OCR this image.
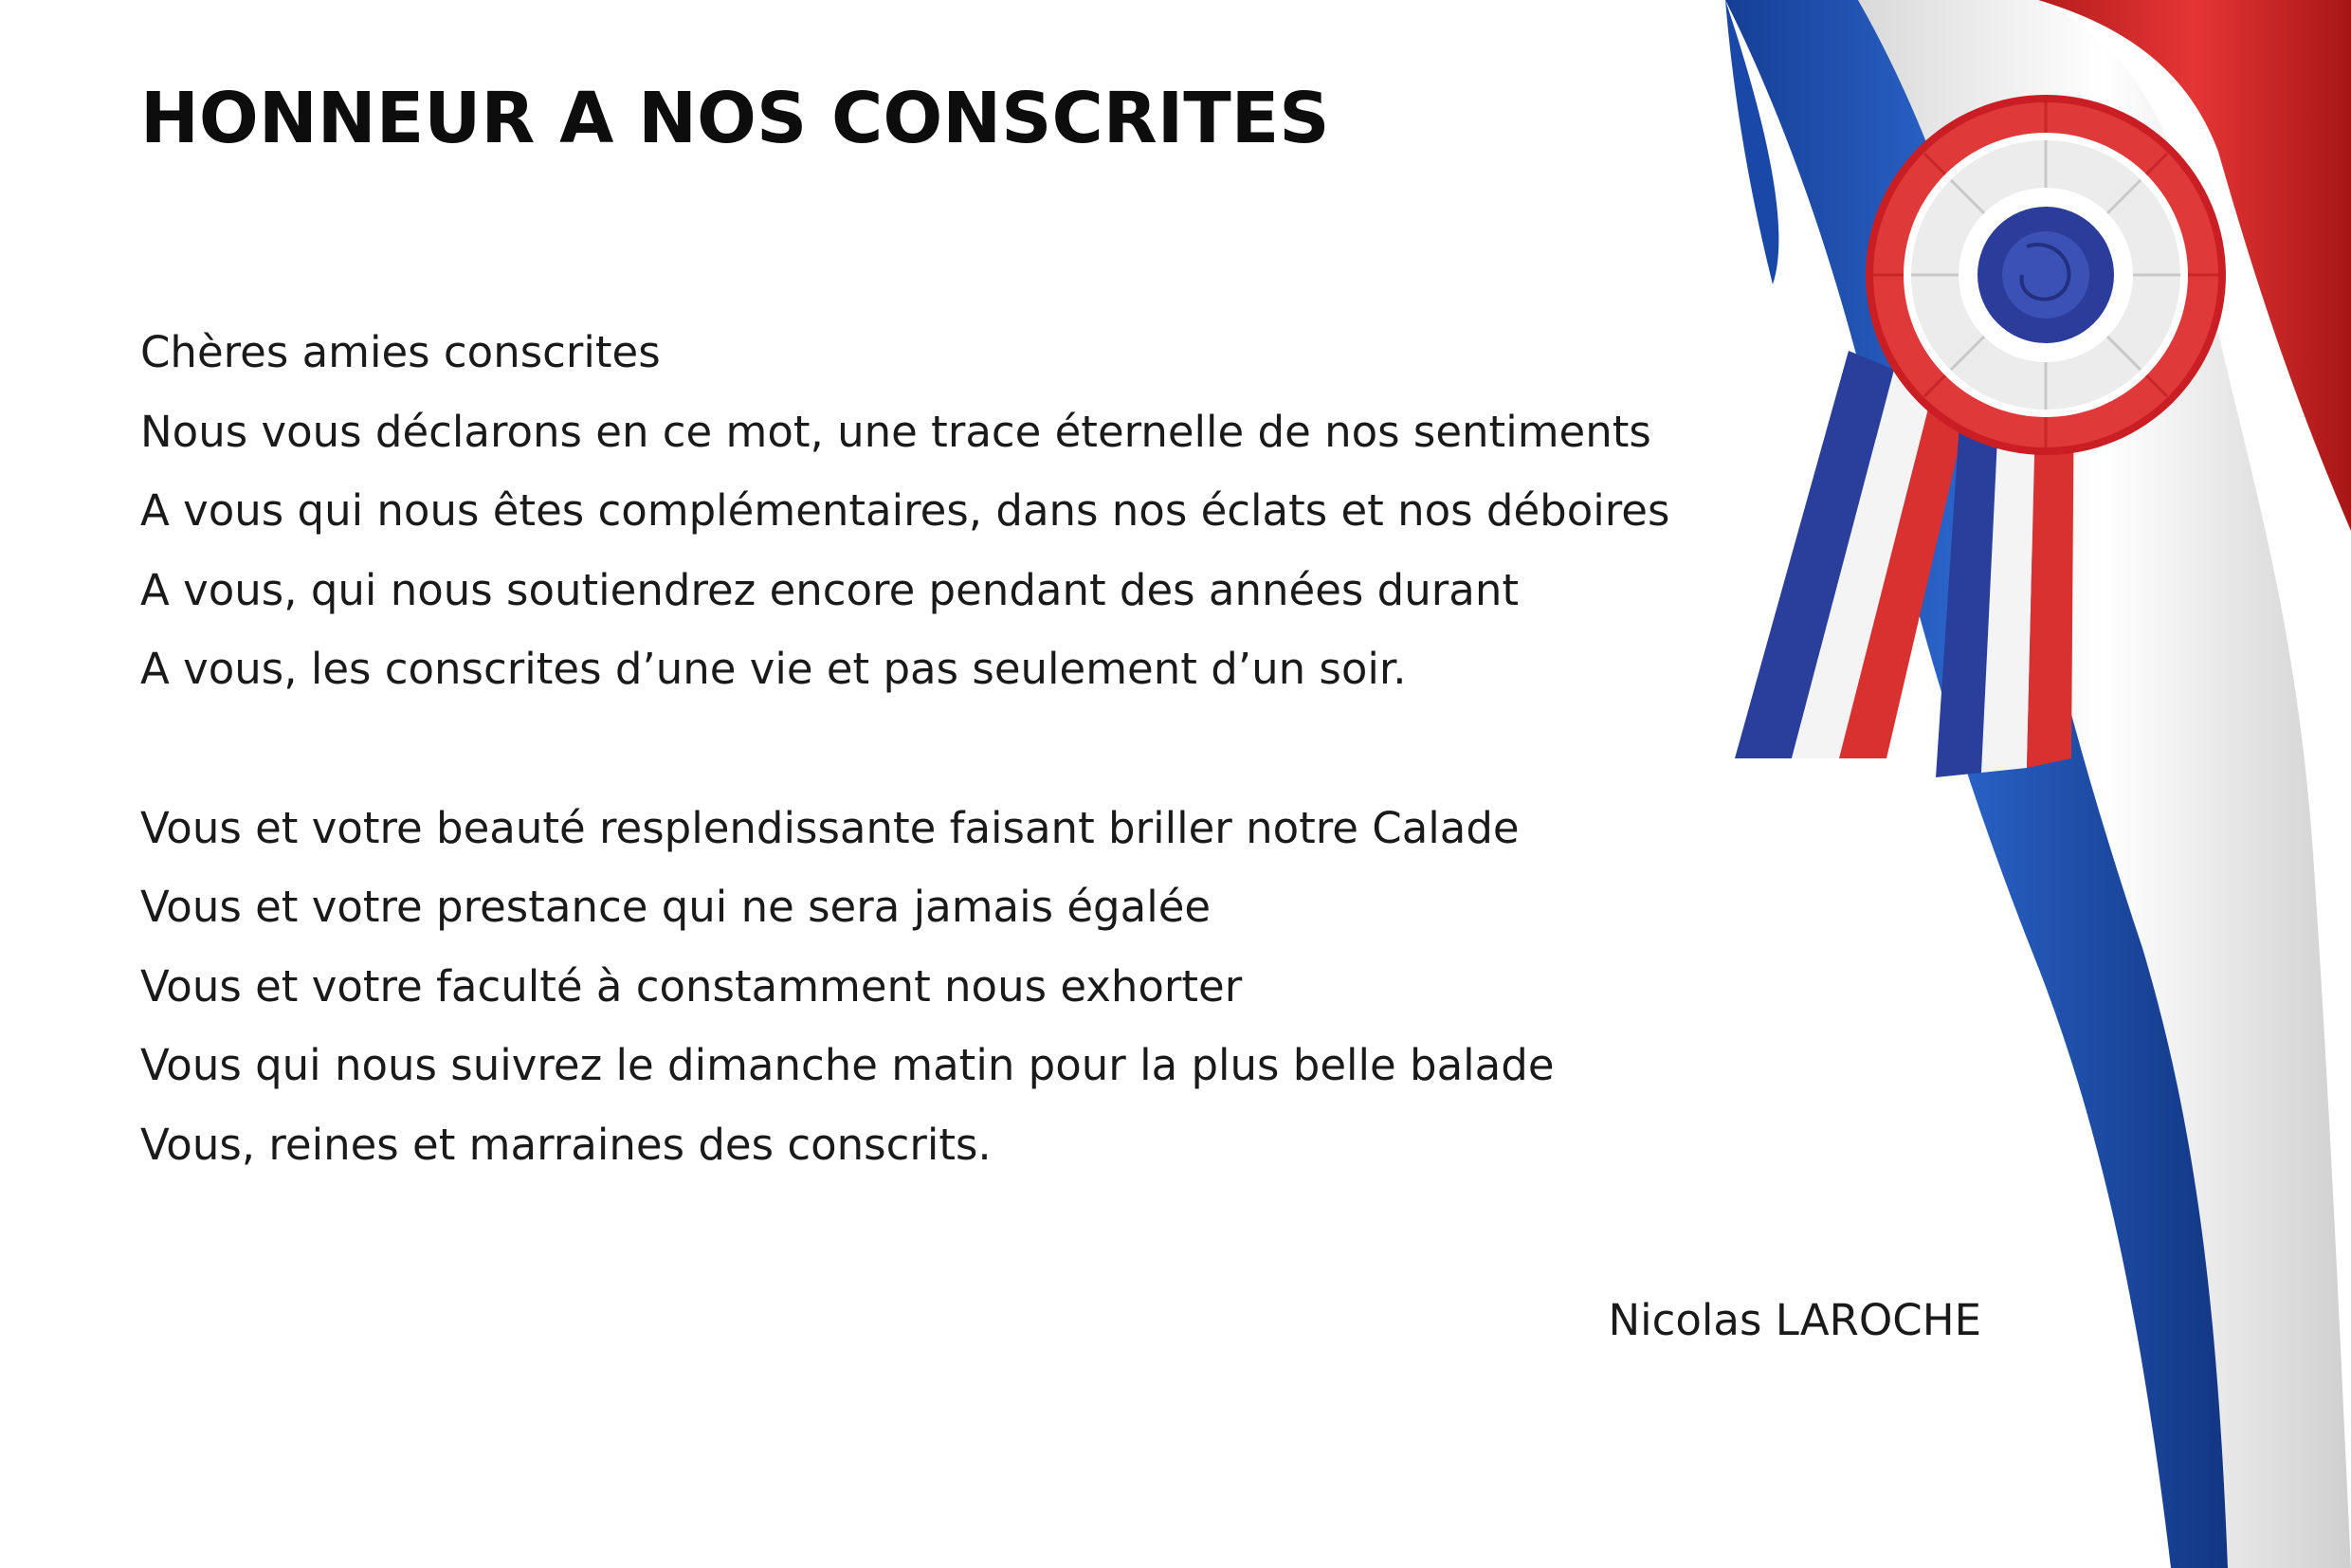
HONNEUR A NOS CONSCRITES
Chères amies conscrites
Nous vous déclarons en ce mot, une trace éternelle de nos sentiments
A vous qui nous êtes complémentaires, dans nos éclats et nos déboires
A vous, qui nous soutiendrez encore pendant des années durant
A vous, les conscrites d’une vie et pas seulement d’un soir.
Vous et votre beauté resplendissante faisant briller notre Calade
Vous et votre prestance qui ne sera jamais égalée
Vous et votre faculté à constamment nous exhorter
Vous qui nous suivrez le dimanche matin pour la plus belle balade
Vous, reines et marraines des conscrits.
Nicolas LAROCHE
